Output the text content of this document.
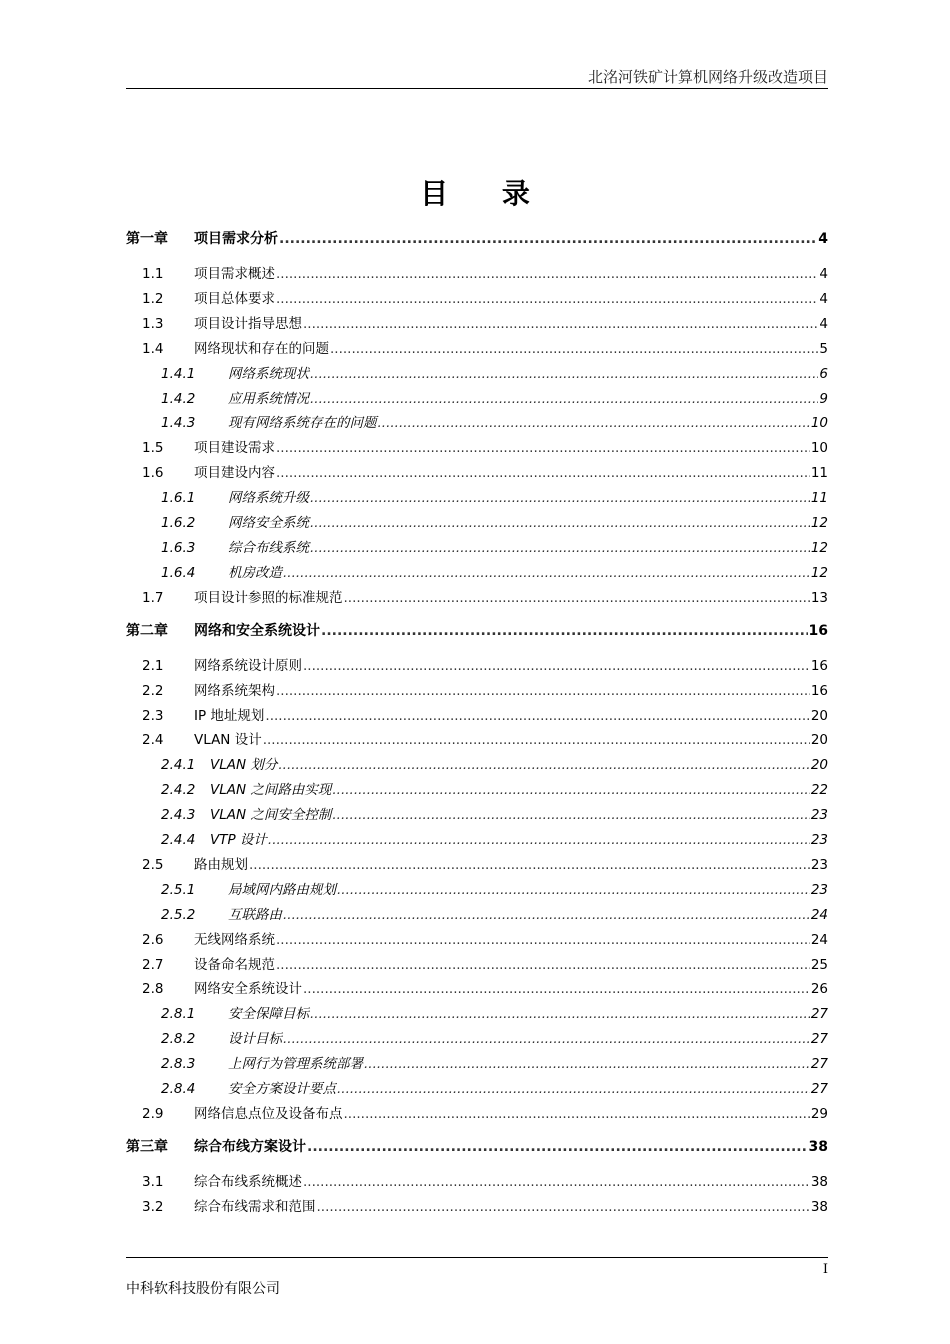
北洺河铁矿计算机网络升级改造项目
目 录
第一章	项目需求分析 .....	4
1.1	项目需求概述 .....	4
1.2	项目总体要求 .....	4
1.3	项目设计指导思想 .....	4
1.4	网络现状和存在的问题 .....	5
1.4.1	网络系统现状 .....	6
1.4.2	应用系统情况 .....	9
1.4.3	现有网络系统存在的问题 .....	10
1.5	项目建设需求 .....	10
1.6	项目建设内容 .....	11
1.6.1	网络系统升级 .....	11
1.6.2	网络安全系统 .....	12
1.6.3	综合布线系统 .....	12
1.6.4	机房改造 .....	12
1.7	项目设计参照的标准规范 .....	13
第二章	网络和安全系统设计 .....	16
2.1	网络系统设计原则 .....	16
2.2	网络系统架构 .....	16
2.3	IP 地址规划 .....	20
2.4	VLAN 设计 .....	20
2.4.1	VLAN 划分 .....	20
2.4.2	VLAN 之间路由实现 .....	22
2.4.3	VLAN 之间安全控制 .....	23
2.4.4	VTP 设计 .....	23
2.5	路由规划 .....	23
2.5.1	局域网内路由规划 .....	23
2.5.2	互联路由 .....	24
2.6	无线网络系统 .....	24
2.7	设备命名规范 .....	25
2.8	网络安全系统设计 .....	26
2.8.1	安全保障目标 .....	27
2.8.2	设计目标 .....	27
2.8.3	上网行为管理系统部署 .....	27
2.8.4	安全方案设计要点 .....	27
2.9	网络信息点位及设备布点 .....	29
第三章	综合布线方案设计 .....	38
3.1	综合布线系统概述 .....	38
3.2	综合布线需求和范围 .....	38
I
中科软科技股份有限公司
